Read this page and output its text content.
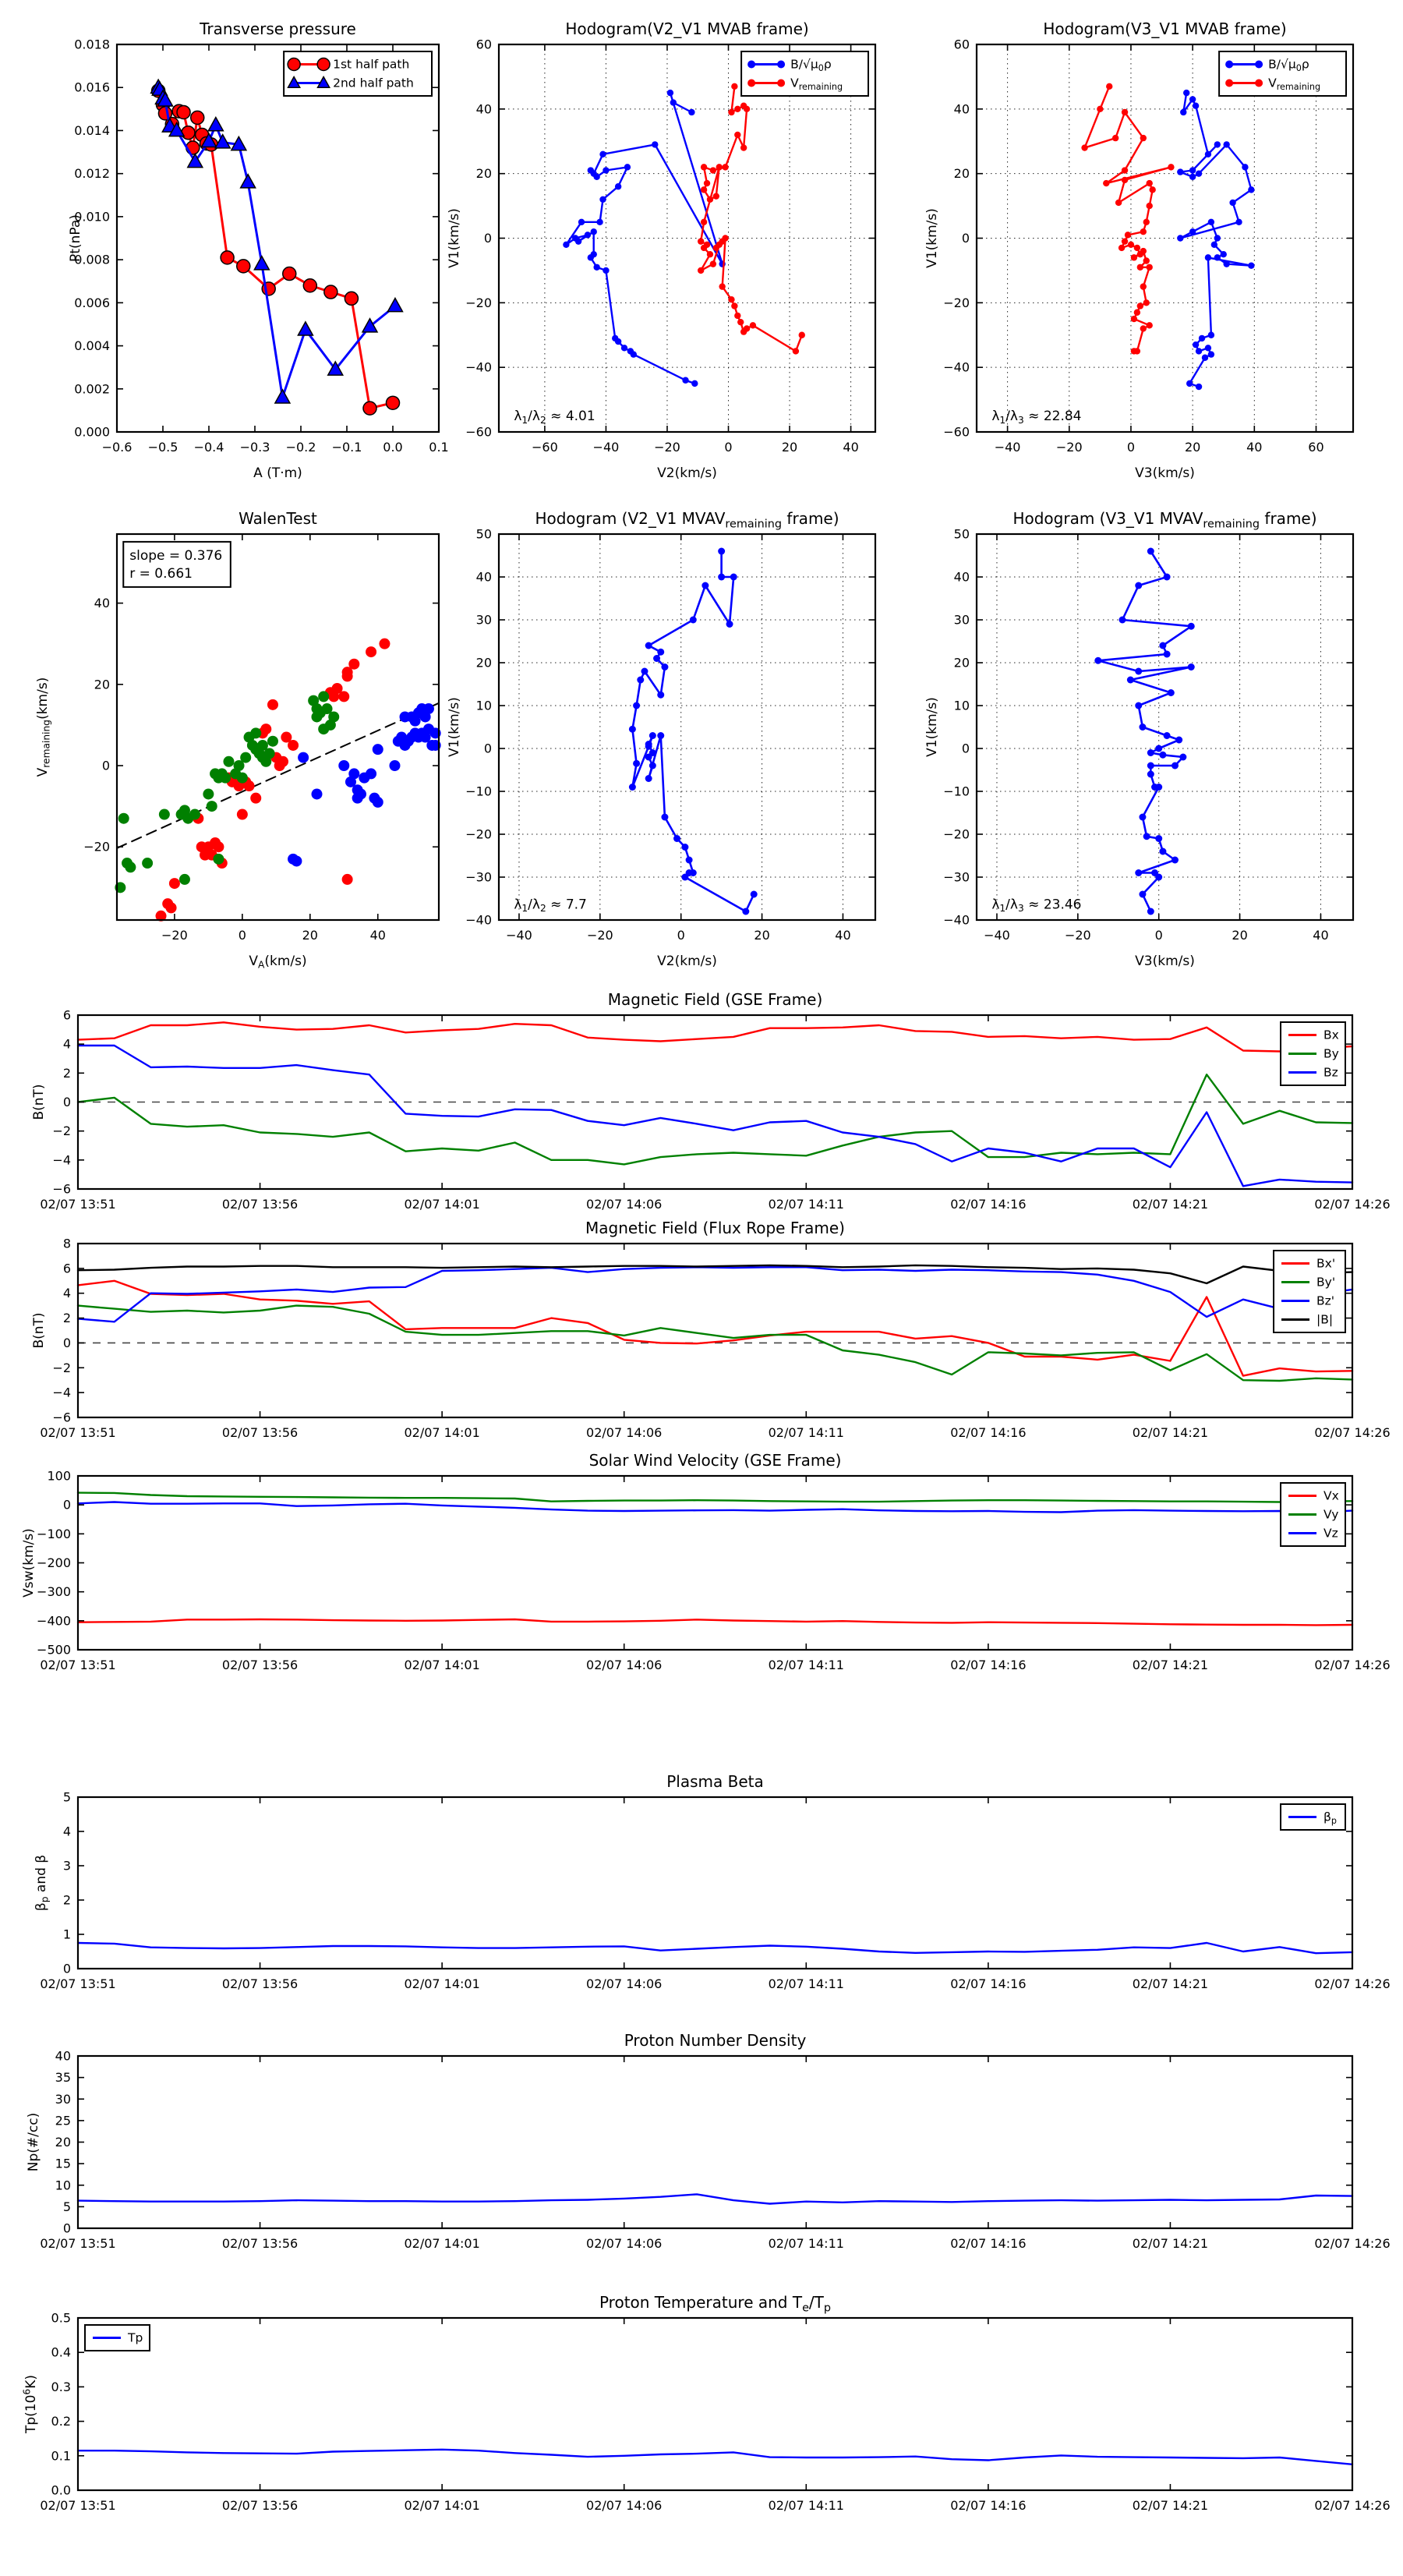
−0.6 −0.5 −0.4 −0.3 −0.2 −0.1 0.0 0.1
0.000
0.002
0.004
0.006
0.008
0.010
0.012
0.014
0.016
0.018
Transverse pressure
A (T·m)
Pt(nPa)
1st half path
2nd half path
−60	−40	−20	0	20	40
−60
−40
−20
0
20
40
60
Hodogram(V2_V1 MVAB frame)
V2(km/s)
V1(km/s)
$B/√\mu_0\rho$
$V_{remaining}$
$\lambda_1/\lambda_2 \approx 4.01$
−40	−20	0	20	40	60
−60
−40
−20
0
20
40
60
Hodogram(V3_V1 MVAB frame)
V3(km/s)
V1(km/s)
$B/√\mu_0\rho$
$V_{remaining}$
$\lambda_1/\lambda_3 \approx 22.84$
−20	0	20	40
−20
0
20
40
WalenTest
$V_A(km/s)$
$V_{remaining}(km/s)$
slope = 0.376
r = 0.661
−40	−20	0	20	40
−40
−30
−20
−10
0
10
20
30
40
50
Hodogram (V2_V1 $MVAV_{remaining}$ frame)
V2(km/s)
V1(km/s)
$\lambda_1/\lambda_2 \approx 7.7$
−40	−20	0	20	40
−40
−30
−20
−10
0
10
20
30
40
50
Hodogram (V3_V1 $MVAV_{remaining}$ frame)
V3(km/s)
V1(km/s)
$\lambda_1/\lambda_3 \approx 23.46$
02/07 13:51	02/07 13:56	02/07 14:01	02/07 14:06	02/07 14:11	02/07 14:16	02/07 14:21	02/07 14:26
−6
−4
−2
0
2
4
6
Magnetic Field (GSE Frame)
B(nT)
Bx
By
Bz
02/07 13:51	02/07 13:56	02/07 14:01	02/07 14:06	02/07 14:11	02/07 14:16	02/07 14:21	02/07 14:26
−6
−4
−2
0
2
4
6
8
Magnetic Field (Flux Rope Frame)
B(nT)
Bx'
By'
Bz'
|B|
02/07 13:51	02/07 13:56	02/07 14:01	02/07 14:06	02/07 14:11	02/07 14:16	02/07 14:21	02/07 14:26
−500
−400
−300
−200
−100
0
100
Solar Wind Velocity (GSE Frame)
Vsw(km/s)
Vx
Vy
Vz
02/07 13:51	02/07 13:56	02/07 14:01	02/07 14:06	02/07 14:11	02/07 14:16	02/07 14:21	02/07 14:26
0
1
2
3
4
5
Plasma Beta
$\beta_p$ and β
$\beta_p$
02/07 13:51	02/07 13:56	02/07 14:01	02/07 14:06	02/07 14:11	02/07 14:16	02/07 14:21	02/07 14:26
0
5
10
15
20
25
30
35
40
Proton Number Density
Np(#/cc)
02/07 13:51	02/07 13:56	02/07 14:01	02/07 14:06	02/07 14:11	02/07 14:16	02/07 14:21	02/07 14:26
0.0
0.1
0.2
0.3
0.4
0.5
Proton Temperature and $T_e/T_p$
$Tp(10^6K)$
Tp
